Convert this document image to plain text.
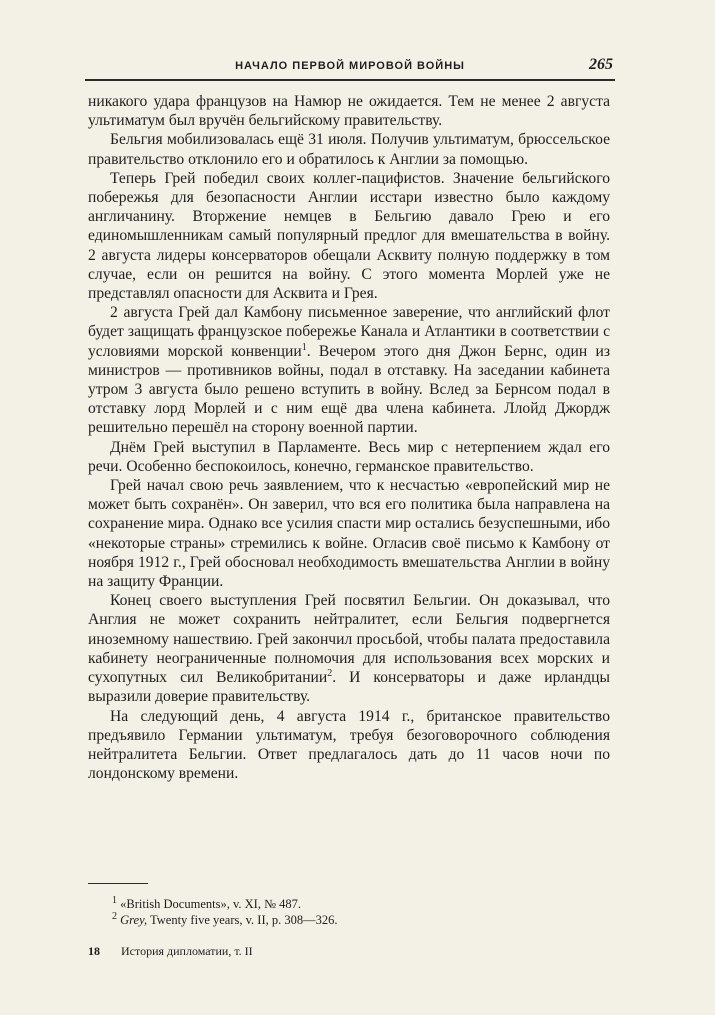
НАЧАЛО ПЕРВОЙ МИРОВОЙ ВОЙНЫ	265

никакого удара французов на Намюр не ожидается. Тем не менее 2 августа ультиматум был вручён бельгийскому правительству.

Бельгия мобилизовалась ещё 31 июля. Получив ультиматум, брюссельское правительство отклонило его и обратилось к Англии за помощью.

Теперь Грей победил своих коллег-пацифистов. Значение бельгийского побережья для безопасности Англии исстари известно было каждому англичанину. Вторжение немцев в Бельгию давало Грею и его единомышленникам самый популярный предлог для вмешательства в войну. 2 августа лидеры консерваторов обещали Асквиту полную поддержку в том случае, если он решится на войну. С этого момента Морлей уже не представлял опасности для Асквита и Грея.

2 августа Грей дал Камбону письменное заверение, что английский флот будет защищать французское побережье Канала и Атлантики в соответствии с условиями морской конвенции$^1$. Вечером этого дня Джон Бернс, один из министров — противников войны, подал в отставку. На заседании кабинета утром 3 августа было решено вступить в войну. Вслед за Бернсом подал в отставку лорд Морлей и с ним ещё два члена кабинета. Ллойд Джордж решительно перешёл на сторону военной партии.

Днём Грей выступил в Парламенте. Весь мир с нетерпением ждал его речи. Особенно беспокоилось, конечно, германское правительство.

Грей начал свою речь заявлением, что к несчастью «европейский мир не может быть сохранён». Он заверил, что вся его политика была направлена на сохранение мира. Однако все усилия спасти мир остались безуспешными, ибо «некоторые страны» стремились к войне. Огласив своё письмо к Камбону от ноября 1912 г., Грей обосновал необходимость вмешательства Англии в войну на защиту Франции.

Конец своего выступления Грей посвятил Бельгии. Он доказывал, что Англия не может сохранить нейтралитет, если Бельгия подвергнется иноземному нашествию. Грей закончил просьбой, чтобы палата предоставила кабинету неограниченные полномочия для использования всех морских и сухопутных сил Великобритании$^2$. И консерваторы и даже ирландцы выразили доверие правительству.

На следующий день, 4 августа 1914 г., британское правительство предъявило Германии ультиматум, требуя безоговорочного соблюдения нейтралитета Бельгии. Ответ предлагалось дать до 11 часов ночи по лондонскому времени.

$^1$ «British Documents», v. XI, № 487.
$^2$ Grey, Twenty five years, v. II, p. 308—326.
18 История дипломатии, т. II
